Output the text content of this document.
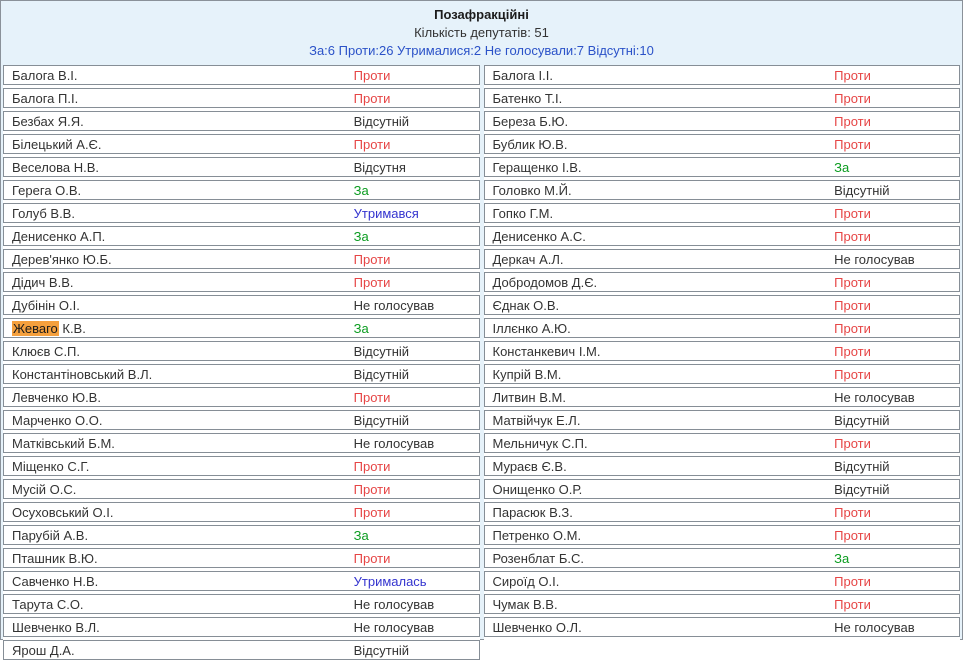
Позафракційні
Кількість депутатів: 51
За:6 Проти:26 Утрималися:2 Не голосували:7 Відсутні:10
Балога В.І.	Проти
Балога П.І.	Проти
Безбах Я.Я.	Відсутній
Білецький А.Є.	Проти
Веселова Н.В.	Відсутня
Герега О.В.	За
Голуб В.В.	Утримався
Денисенко А.П.	За
Дерев'янко Ю.Б.	Проти
Дідич В.В.	Проти
Дубінін О.І.	Не голосував
Жеваго К.В.	За
Клюєв С.П.	Відсутній
Константіновський В.Л.	Відсутній
Левченко Ю.В.	Проти
Марченко О.О.	Відсутній
Матківський Б.М.	Не голосував
Міщенко С.Г.	Проти
Мусій О.С.	Проти
Осуховський О.І.	Проти
Парубій А.В.	За
Пташник В.Ю.	Проти
Савченко Н.В.	Утрималась
Тарута С.О.	Не голосував
Шевченко В.Л.	Не голосував
Ярош Д.А.	Відсутній
Балога І.І.	Проти
Батенко Т.І.	Проти
Береза Б.Ю.	Проти
Бублик Ю.В.	Проти
Геращенко І.В.	За
Головко М.Й.	Відсутній
Гопко Г.М.	Проти
Денисенко А.С.	Проти
Деркач А.Л.	Не голосував
Добродомов Д.Є.	Проти
Єднак О.В.	Проти
Іллєнко А.Ю.	Проти
Констанкевич І.М.	Проти
Купрій В.М.	Проти
Литвин В.М.	Не голосував
Матвійчук Е.Л.	Відсутній
Мельничук С.П.	Проти
Мураєв Є.В.	Відсутній
Онищенко О.Р.	Відсутній
Парасюк В.З.	Проти
Петренко О.М.	Проти
Розенблат Б.С.	За
Сироїд О.І.	Проти
Чумак В.В.	Проти
Шевченко О.Л.	Не голосував
